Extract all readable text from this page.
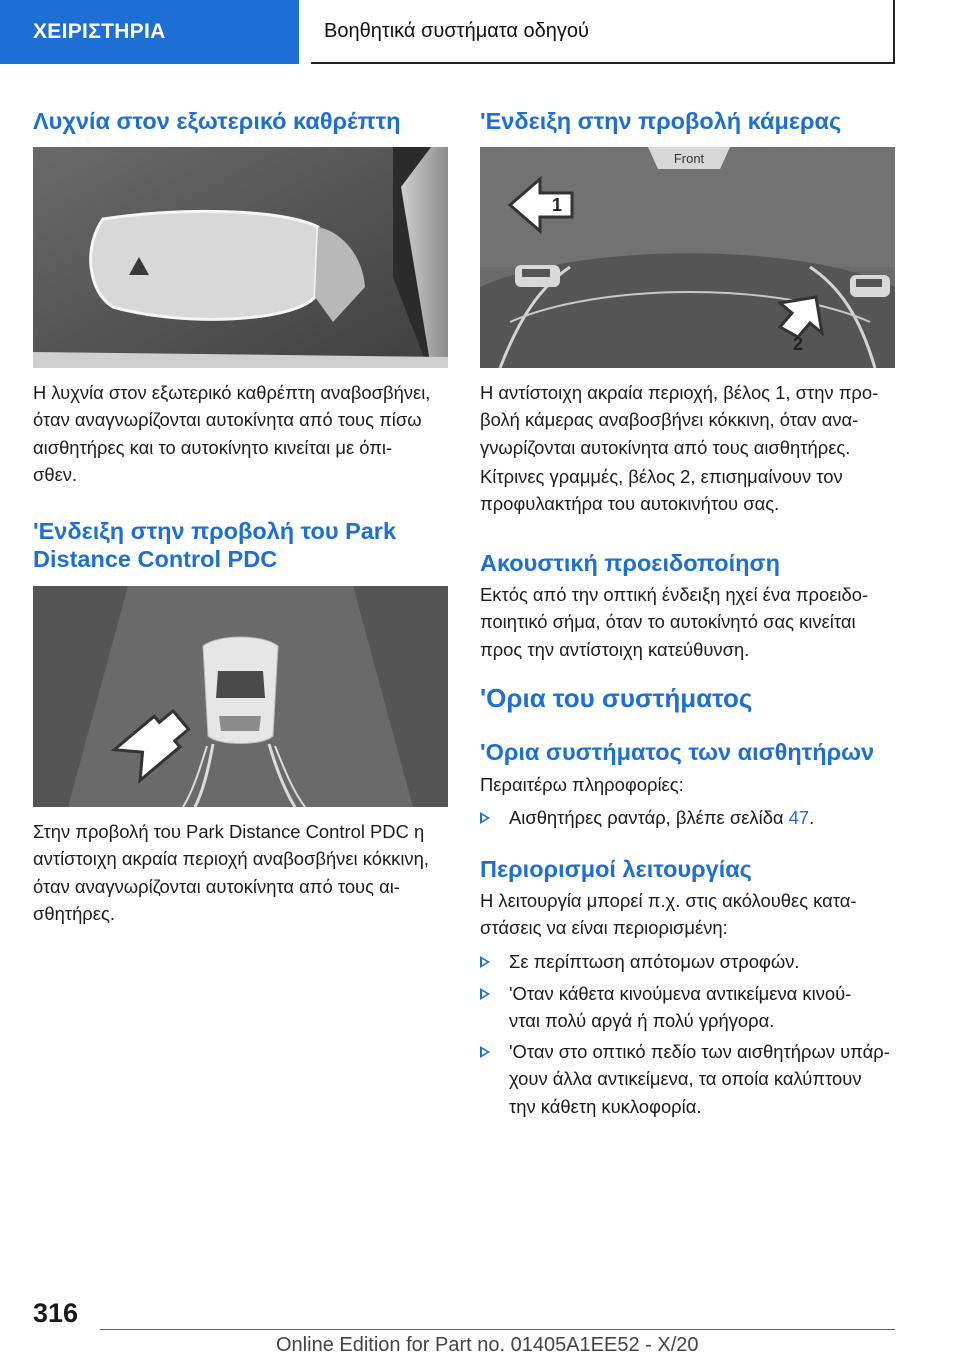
ΧΕΙΡΙΣΤΗΡΙΑ	Βοηθητικά συστήματα οδηγού
Λυχνία στον εξωτερικό καθρέπτη

Η λυχνία στον εξωτερικό καθρέπτη αναβοσβήνει,
όταν αναγνωρίζονται αυτοκίνητα από τους πίσω
αισθητήρες και το αυτοκίνητο κινείται με όπι-
σθεν.

'Ενδειξη στην προβολή του Park
Distance Control PDC

Στην προβολή του Park Distance Control PDC η
αντίστοιχη ακραία περιοχή αναβοσβήνει κόκκινη,
όταν αναγνωρίζονται αυτοκίνητα από τους αι-
σθητήρες.

'Ενδειξη στην προβολή κάμερας
Front
1
2

Η αντίστοιχη ακραία περιοχή, βέλος 1, στην προ-
βολή κάμερας αναβοσβήνει κόκκινη, όταν ανα-
γνωρίζονται αυτοκίνητα από τους αισθητήρες.

Κίτρινες γραμμές, βέλος 2, επισημαίνουν τον
προφυλακτήρα του αυτοκινήτου σας.

Ακουστική προειδοποίηση

Εκτός από την οπτική ένδειξη ηχεί ένα προειδο-
ποιητικό σήμα, όταν το αυτοκίνητό σας κινείται
προς την αντίστοιχη κατεύθυνση.

'Ορια του συστήματος
'Ορια συστήματος των αισθητήρων

Περαιτέρω πληροφορίες:

Αισθητήρες ραντάρ, βλέπε σελίδα 47.
Περιορισμοί λειτουργίας

Η λειτουργία μπορεί π.χ. στις ακόλουθες κατα-
στάσεις να είναι περιορισμένη:

Σε περίπτωση απότομων στροφών.
'Οταν κάθετα κινούμενα αντικείμενα κινού-
νται πολύ αργά ή πολύ γρήγορα.
'Οταν στο οπτικό πεδίο των αισθητήρων υπάρ-
χουν άλλα αντικείμενα, τα οποία καλύπτουν
την κάθετη κυκλοφορία.
316
Online Edition for Part no. 01405A1EE52 - X/20
